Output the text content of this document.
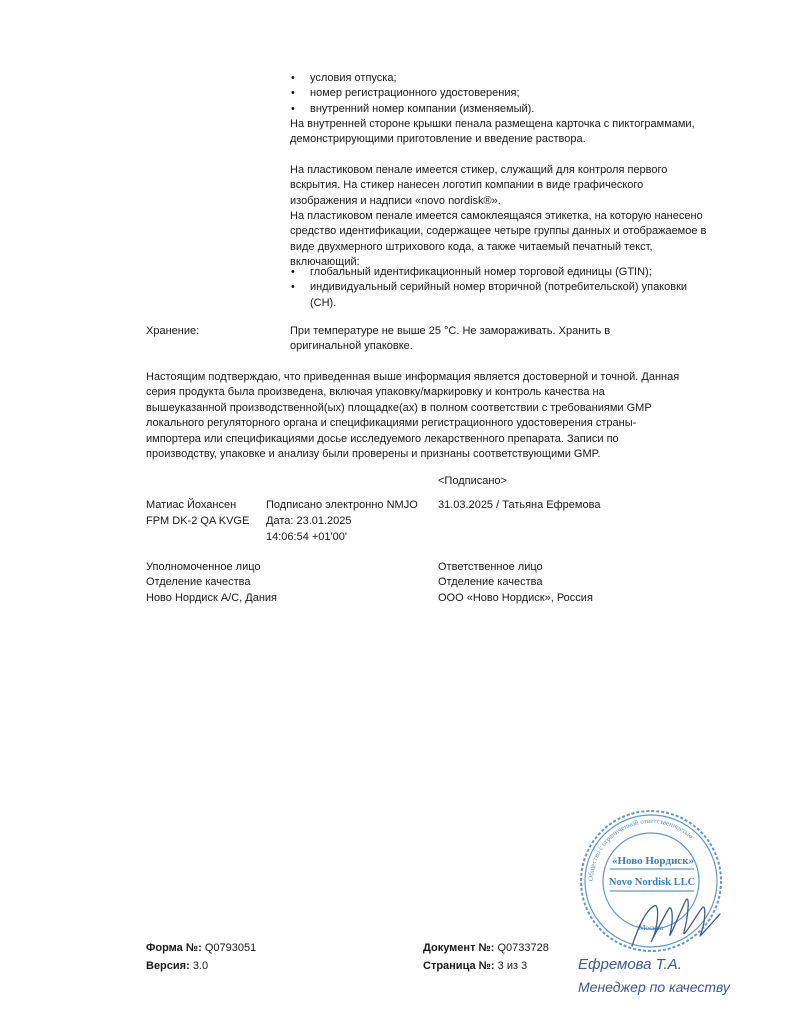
• условия отпуска;
• номер регистрационного удостоверения;
• внутренний номер компании (изменяемый).

На внутренней стороне крышки пенала размещена карточка с пиктограммами, демонстрирующими приготовление и введение раствора.

На пластиковом пенале имеется стикер, служащий для контроля первого вскрытия. На стикер нанесен логотип компании в виде графического изображения и надписи «novo nordisk®».

На пластиковом пенале имеется самоклеящаяся этикетка, на которую нанесено средство идентификации, содержащее четыре группы данных и отображаемое в виде двухмерного штрихового кода, а также читаемый печатный текст, включающий:

• глобальный идентификационный номер торговой единицы (GTIN);
• индивидуальный серийный номер вторичной (потребительской) упаковки (CH).
Хранение:	При температуре не выше 25 °С. Не замораживать. Хранить в оригинальной упаковке.

Настоящим подтверждаю, что приведенная выше информация является достоверной и точной. Данная серия продукта была произведена, включая упаковку/маркировку и контроль качества на вышеуказанной производственной(ых) площадке(ах) в полном соответствии с требованиями GMP локального регуляторного органа и спецификациями регистрационного удостоверения страны-импортера или спецификациями досье исследуемого лекарственного препарата. Записи по производству, упаковке и анализу были проверены и признаны соответствующими GMP.

<Подписано>
Матиас Йохансен
FPM DK-2 QA KVGE
Подписано электронно NMJO
Дата: 23.01.2025
14:06:54 +01'00'
31.03.2025 / Татьяна Ефремова
Уполномоченное лицо
Отделение качества
Ново Нордиск А/С, Дания
Ответственное лицо
Отделение качества
ООО «Ново Нордиск», Россия
Общество с ограниченной ответственностью
«Ново Нордиск»
Novo Nordisk LLC
Москва
Ефремова Т.А.
Менеджер по качеству
Форма №: Q0793051
Версия: 3.0
Документ №: Q0733728
Страница №: 3 из 3
